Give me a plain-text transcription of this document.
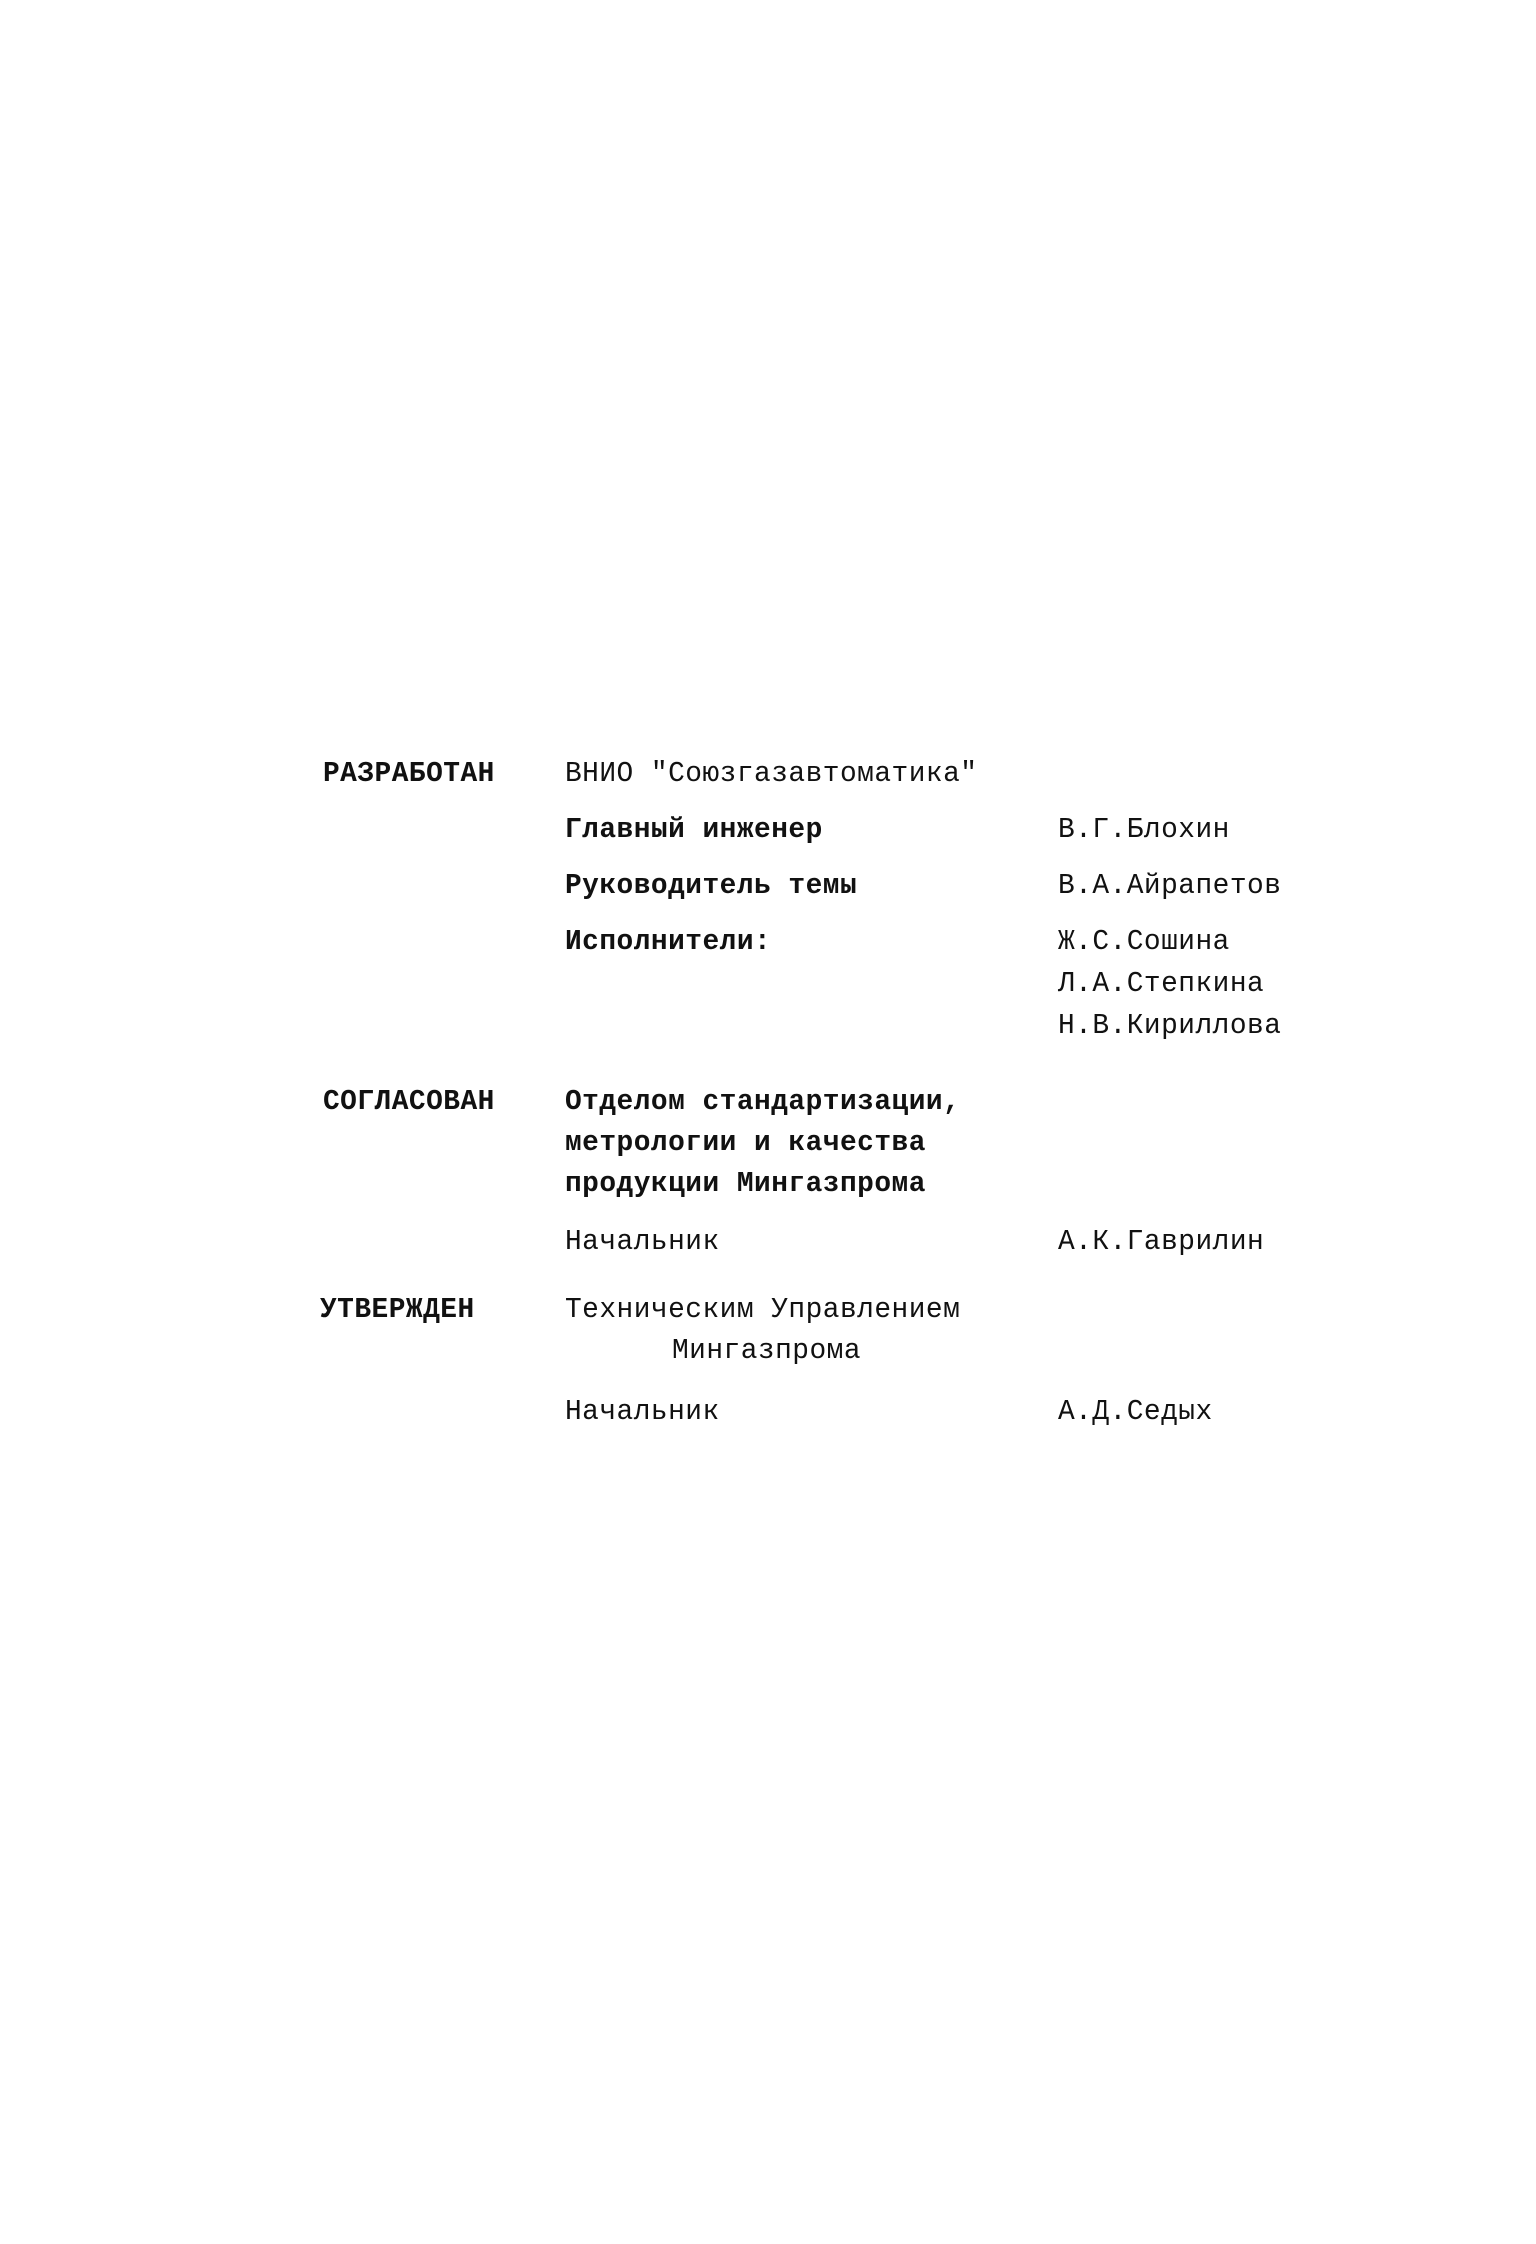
РАЗРАБОТАН ВНИО "Союзгазавтоматика"
Главный инженер	В.Г.Блохин
Руководитель темы	В.А.Айрапетов
Исполнители:	Ж.С.Сошина
Л.А.Степкина
Н.В.Кириллова
СОГЛАСОВАН Отделом стандартизации,
метрологии и качества
продукции Мингазпрома
Начальник	А.К.Гаврилин
УТВЕРЖДЕН	Техническим Управлением
Мингазпрома
Начальник	А.Д.Седых
